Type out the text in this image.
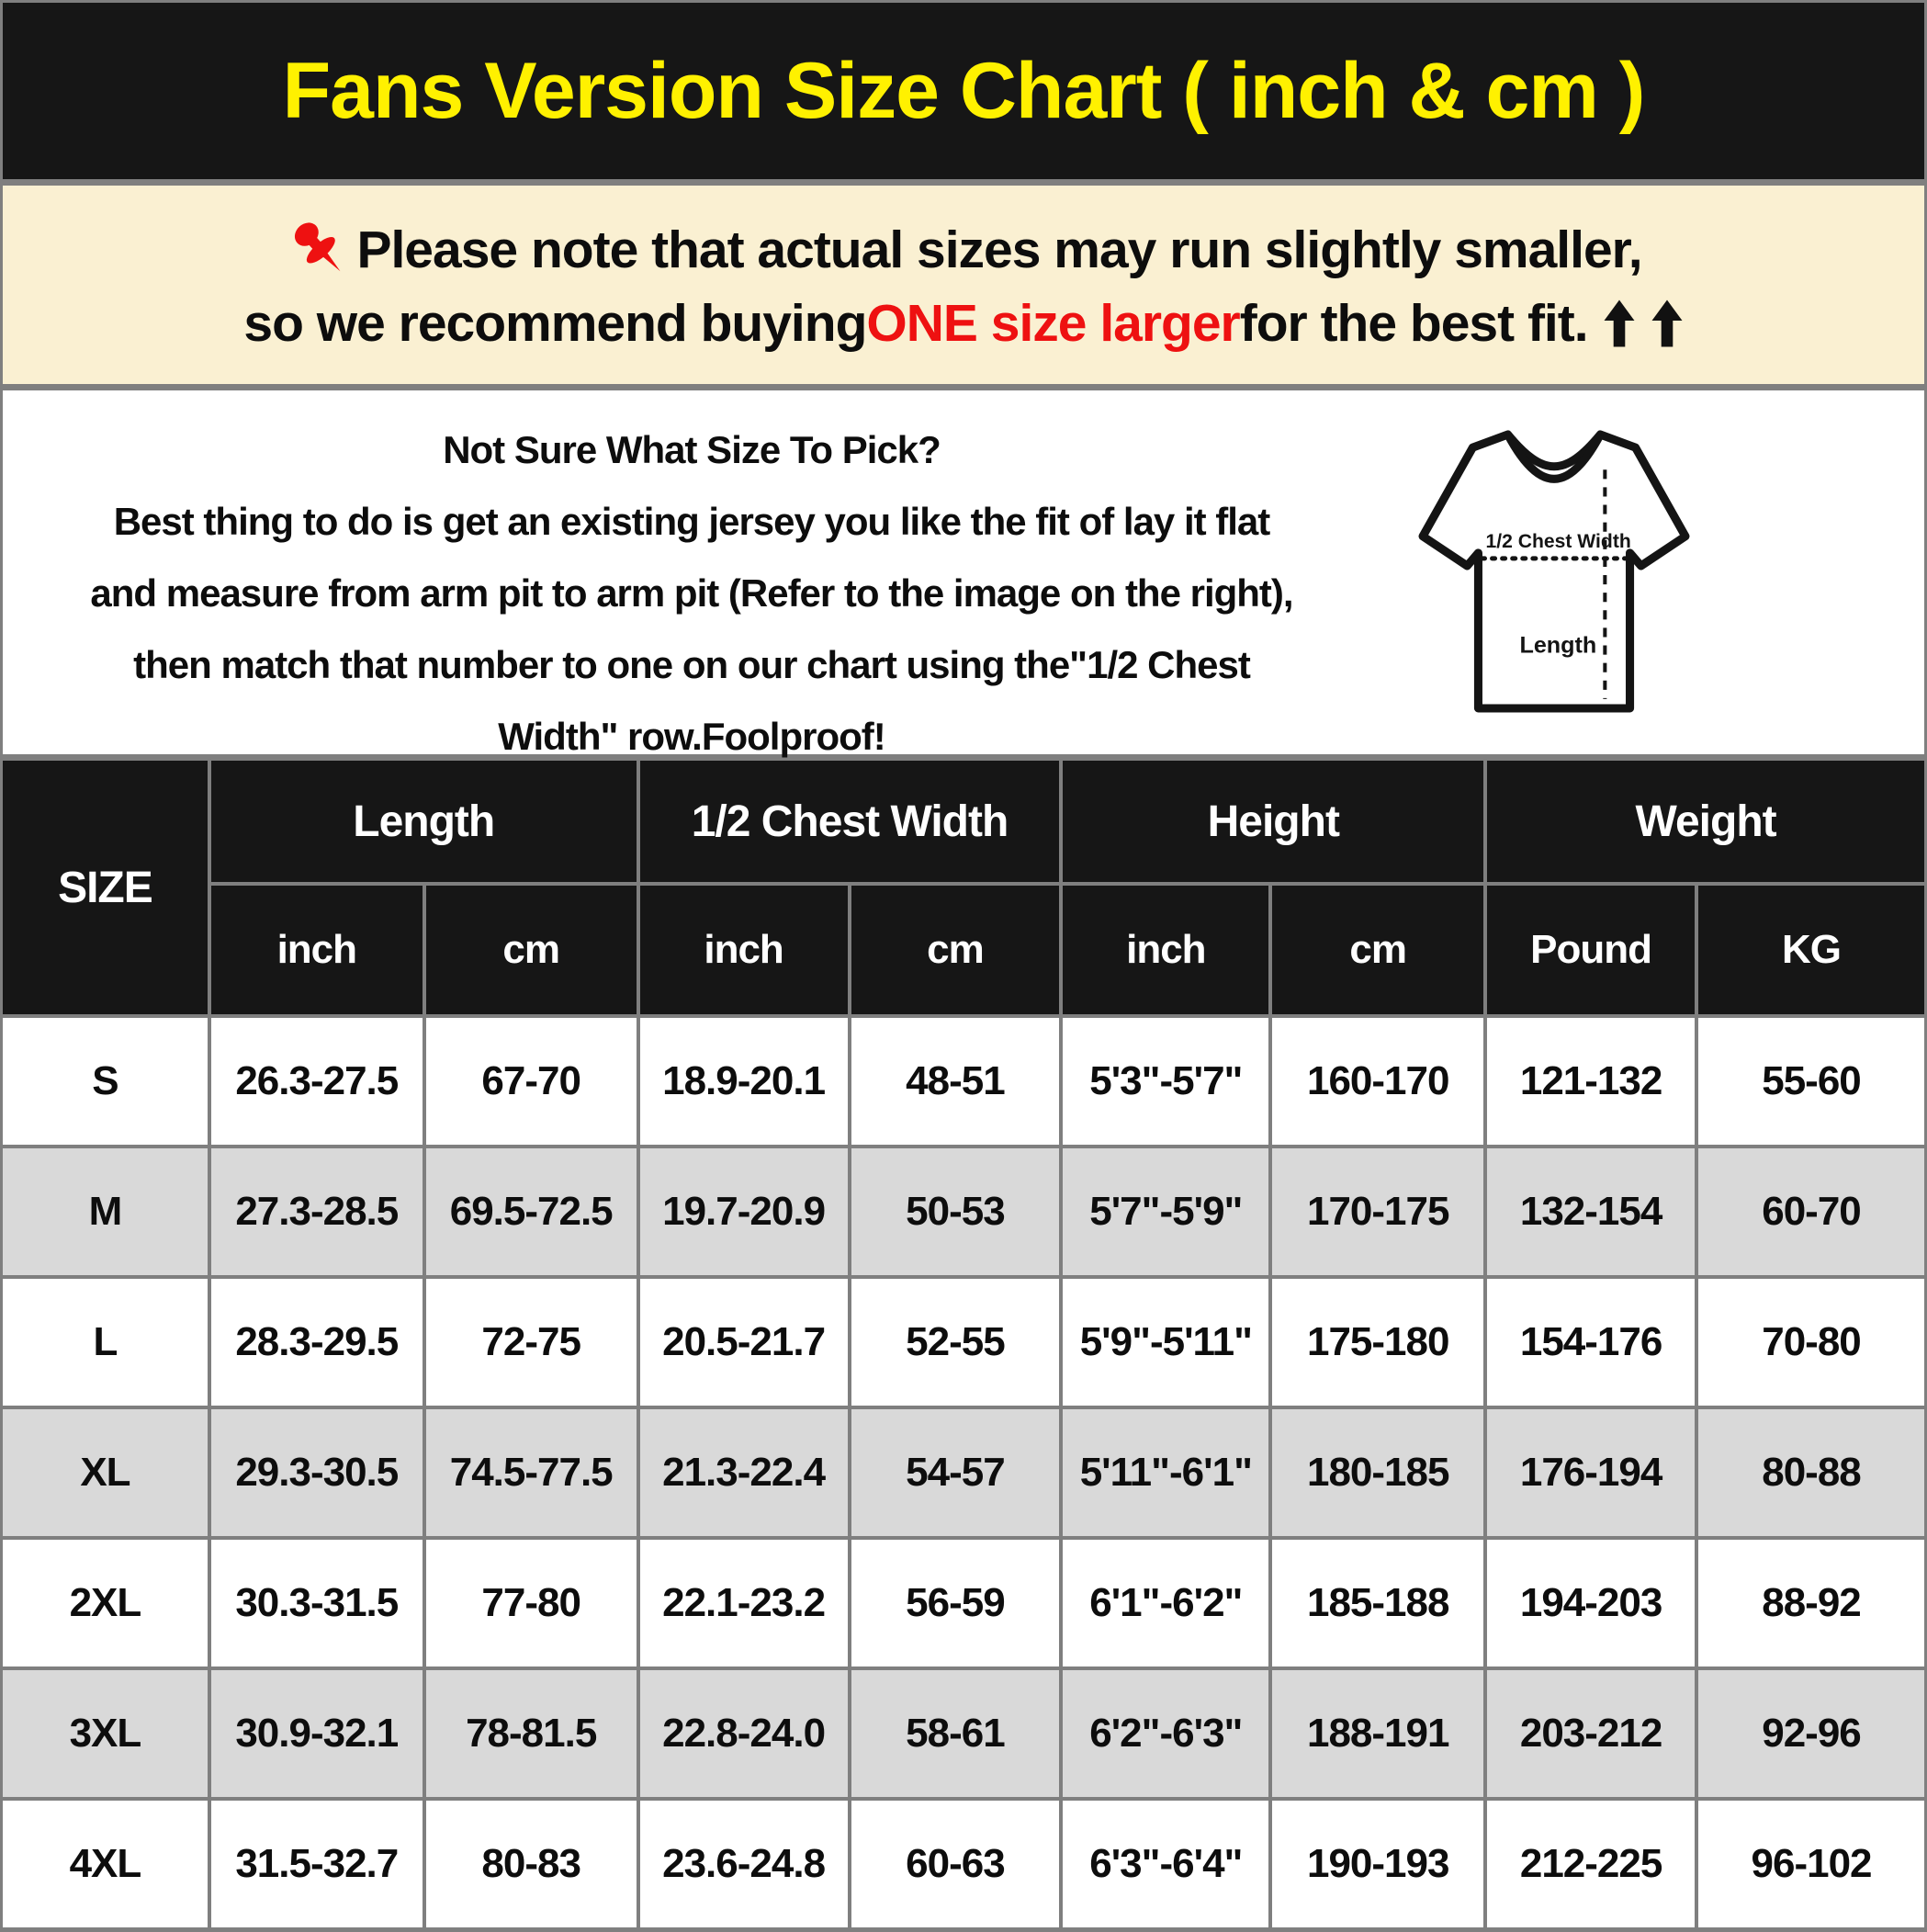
Fans Version Size Chart ( inch & cm )
Please note that actual sizes may run slightly smaller,
so we recommend buying ONE size larger for the best fit.
Not Sure What Size To Pick?
Best thing to do is get an existing jersey you like the fit of lay it flat
and measure from arm pit to arm pit (Refer to the image on the right),
then match that number to one on our chart using the"1/2 Chest
Width" row.Foolproof!
1/2 Chest Width
Length
SIZE
Length	1/2 Chest Width	Height	Weight
inch	cm	inch	cm	inch	cm	Pound	KG
S	26.3-27.5	67-70	18.9-20.1	48-51	5'3"-5'7"	160-170	121-132	55-60
M	27.3-28.5	69.5-72.5	19.7-20.9	50-53	5'7"-5'9"	170-175	132-154	60-70
L	28.3-29.5	72-75	20.5-21.7	52-55	5'9"-5'11"	175-180	154-176	70-80
XL	29.3-30.5	74.5-77.5	21.3-22.4	54-57	5'11"-6'1"	180-185	176-194	80-88
2XL	30.3-31.5	77-80	22.1-23.2	56-59	6'1"-6'2"	185-188	194-203	88-92
3XL	30.9-32.1	78-81.5	22.8-24.0	58-61	6'2"-6'3"	188-191	203-212	92-96
4XL	31.5-32.7	80-83	23.6-24.8	60-63	6'3"-6'4"	190-193	212-225	96-102
